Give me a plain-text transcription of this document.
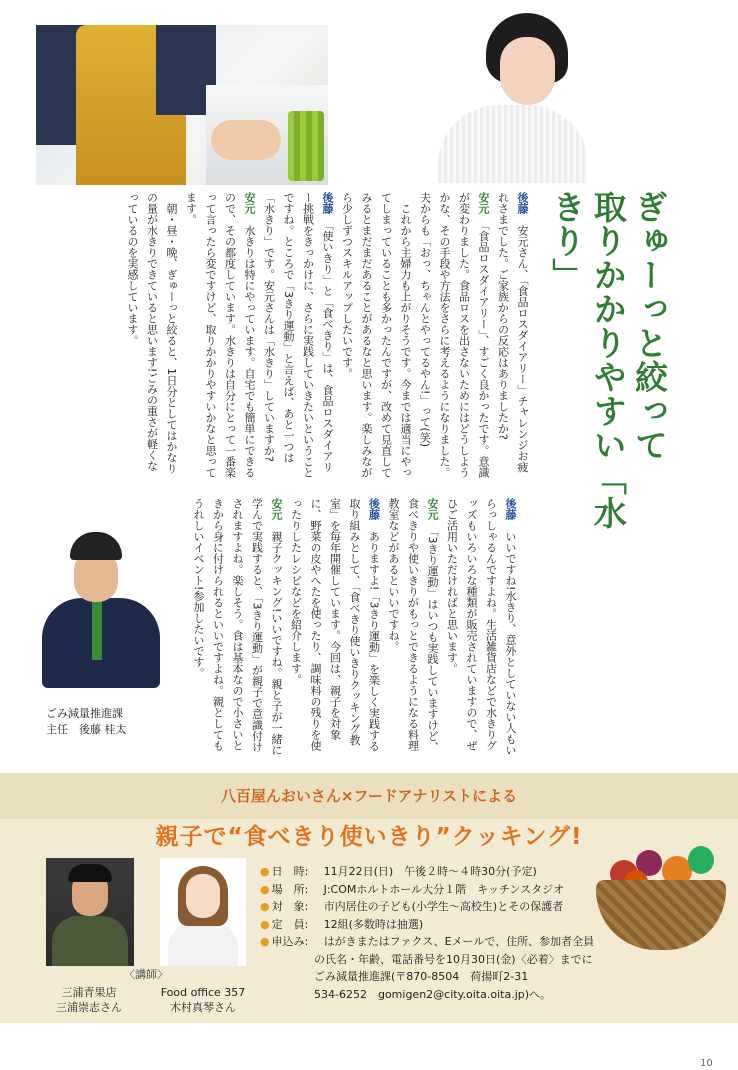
ぎゅーっと絞って
取りかかりやすい「水きり」
後藤　安元さん、「食品ロスダイアリー」チャレンジお疲れさまでした。ご家族からの反応はありましたか?
安元　「食品ロスダイアリー」、すごく良かったです。意識が変わりました。食品ロスを出さないためにはどうしようかな、その手段や方法をさらに考えるようになりました。夫からも「おっ、ちゃんとやってるやん!」って(笑)
　これから主婦力も上がりそうです。今までは適当にやってしまっていることも多かったんですが、改めて見直してみるとまだまだあることがあるなと思います。楽しみながら少しずつスキルアップしたいです。
後藤　「使いきり」と「食べきり」は、食品ロスダイアリー挑戦をきっかけに、さらに実践していきたいということですね。ところで「3きり運動」と言えば、あと一つは「水きり」です。安元さんは「水きり」していますか?
安元　水きりは特にやっています。自宅でも簡単にできるので、その都度しています。水きりは自分にとって一番楽って言ったら変ですけど、取りかかりやすいかなと思ってます。
　朝・昼・晩、ぎゅーっと絞ると、1日分としてはかなりの量が水きりできていると思います!ごみの重さが軽くなっているのを実感しています。
後藤　いいですね!水きり、意外としていない人もいらっしゃるんですよね。生活雑貨店などで水きりグッズもいろいろな種類が販売されていますので、ぜひご活用いただければと思います。
安元　「3きり運動」はいつも実践していますけど、食べきりや使いきりがもっとできるようになる料理教室などがあるといいですね。
後藤　ありますよ!「3きり運動」を楽しく実践する取り組みとして、「食べきり使いきりクッキング教室」を毎年開催しています。今回は、親子を対象に、野菜の皮やへたを使ったり、調味料の残りを使ったりしたレシピなどを紹介します。
安元　親子クッキング!いいですね。親と子が一緒に学んで実践すると、「3きり運動」が親子で意識付けされますよね。楽しそう。食は基本なので小さいときから身に付けられるといいですよね。親としてもうれしいイベント!参加したいです。
ごみ減量推進課
主任　後藤 桂太
八百屋んおいさん×フードアナリストによる
親子で“食べきり使いきり”クッキング!
● 日　時:	11月22日(日)　午後２時〜４時30分(予定)
● 場　所:	J:COMホルトホール大分１階　キッチンスタジオ
● 対　象:	市内居住の子ども(小学生〜高校生)とその保護者
● 定　員:	12組(多数時は抽選)
● 申込み:	はがきまたはファクス、Eメールで、住所、参加者全員
の氏名・年齢、電話番号を10月30日(金)〈必着〉までに
ごみ減量推進課(〒870-8504　荷揚町2-31
534-6252　gomigen2@city.oita.oita.jp)へ。
〈講師〉
三浦青果店
三浦崇志さん
Food office 357
木村真琴さん
10
